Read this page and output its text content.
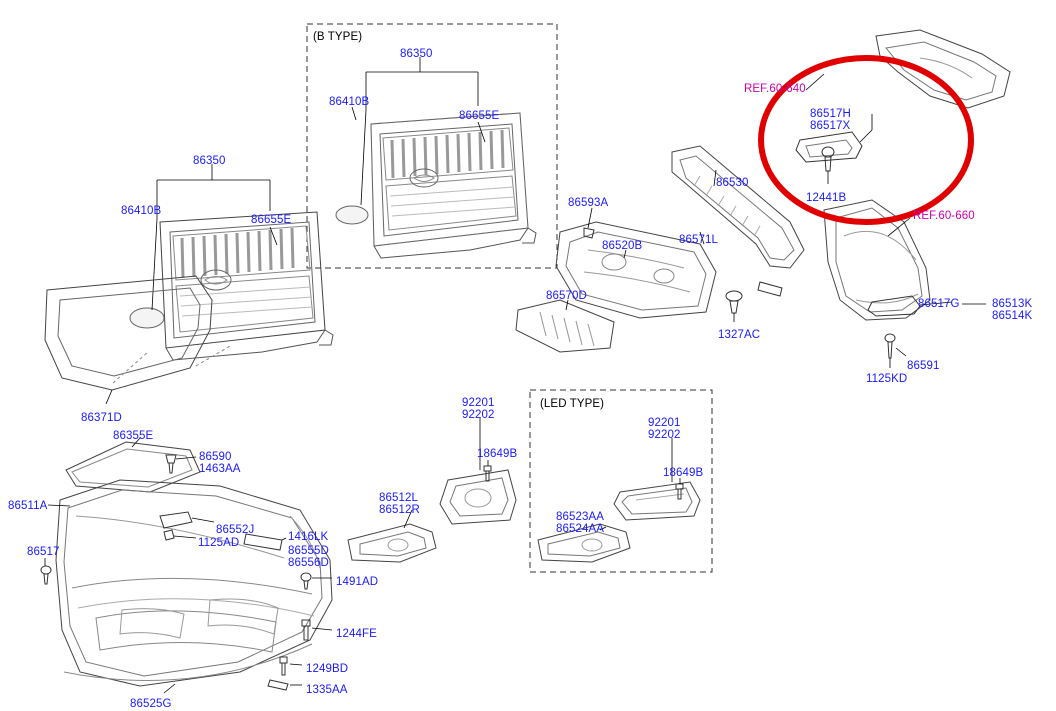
(B TYPE)
86350
86410B
86655E
86350
86410B
86655E
86371D
86355E
86590
1463AA
86511A
86552J
1125AD	1416LK
86555D
86556D
86517
1491AD
1244FE
1249BD
1335AA
86525G
86593A
86520B	86571L
86530
86570D
1327AC
REF.60-640
86517H
86517X
12441B
REF.60-660
86517G	86513K
86514K
86591
1125KD
92201
92202
18649B
86512L
86512R
(LED TYPE)
92201
92202
18649B
86523AA
86524AA
